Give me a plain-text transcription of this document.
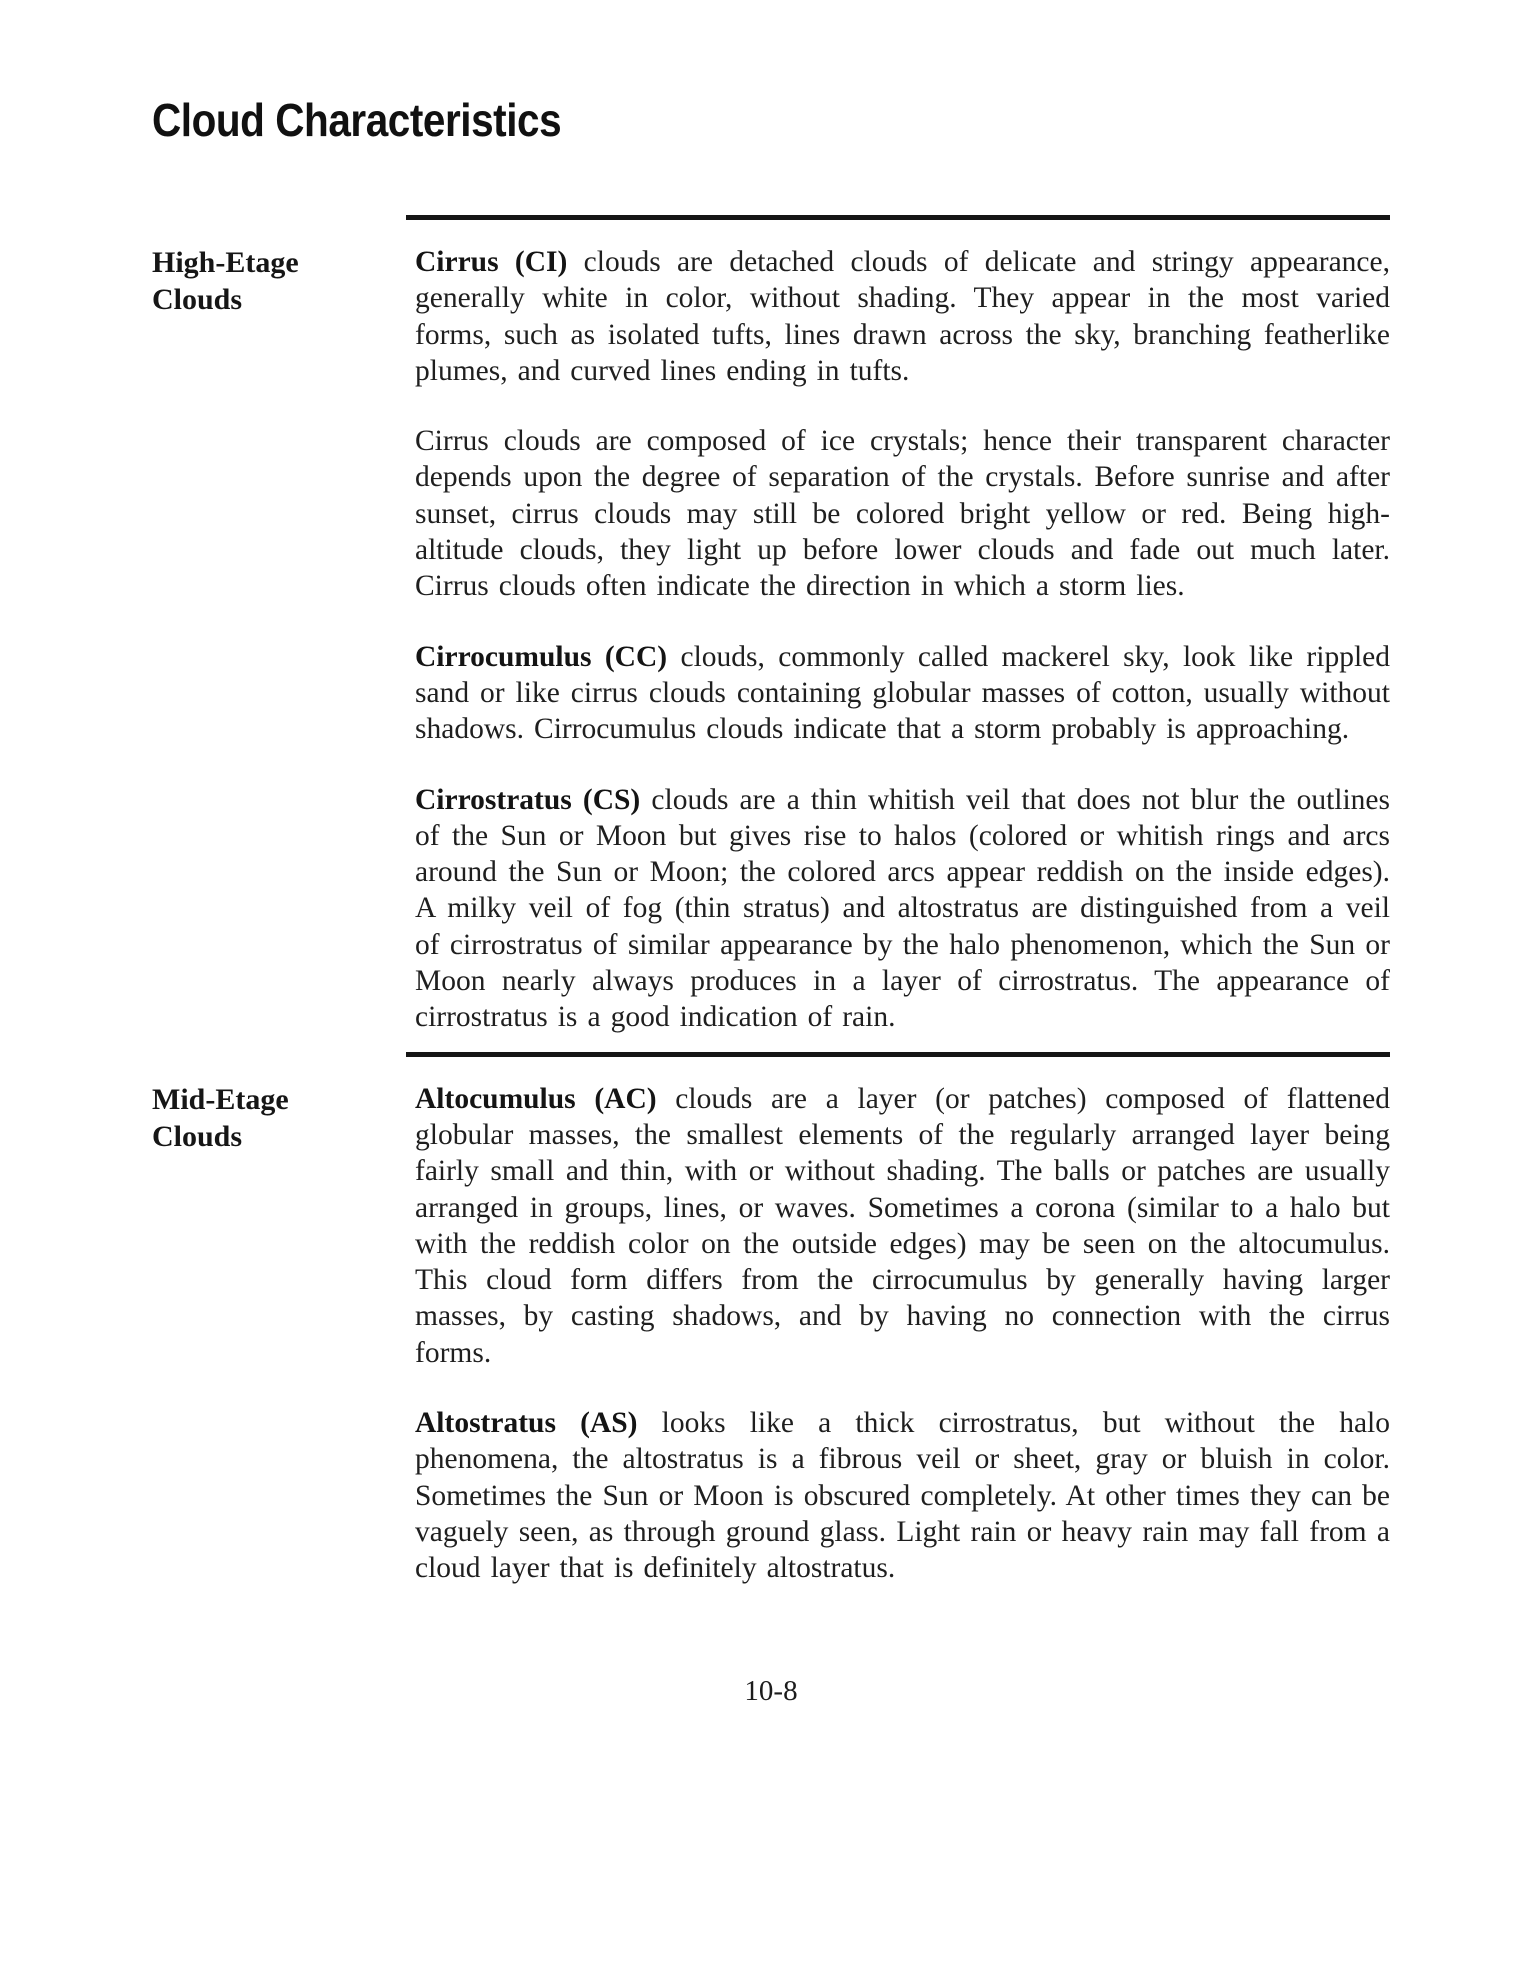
Cloud Characteristics
High-Etage Clouds

Cirrus (CI) clouds are detached clouds of delicate and stringy appearance, generally white in color, without shading. They appear in the most varied forms, such as isolated tufts, lines drawn across the sky, branching featherlike plumes, and curved lines ending in tufts.

Cirrus clouds are composed of ice crystals; hence their transparent character depends upon the degree of separation of the crystals. Before sunrise and after sunset, cirrus clouds may still be colored bright yellow or red. Being high-altitude clouds, they light up before lower clouds and fade out much later. Cirrus clouds often indicate the direction in which a storm lies.

Cirrocumulus (CC) clouds, commonly called mackerel sky, look like rippled sand or like cirrus clouds containing globular masses of cotton, usually without shadows. Cirrocumulus clouds indicate that a storm probably is approaching.

Cirrostratus (CS) clouds are a thin whitish veil that does not blur the outlines of the Sun or Moon but gives rise to halos (colored or whitish rings and arcs around the Sun or Moon; the colored arcs appear reddish on the inside edges). A milky veil of fog (thin stratus) and altostratus are distinguished from a veil of cirrostratus of similar appearance by the halo phenomenon, which the Sun or Moon nearly always produces in a layer of cirrostratus. The appearance of cirrostratus is a good indication of rain.

Mid-Etage Clouds

Altocumulus (AC) clouds are a layer (or patches) composed of flattened globular masses, the smallest elements of the regularly arranged layer being fairly small and thin, with or without shading. The balls or patches are usually arranged in groups, lines, or waves. Sometimes a corona (similar to a halo but with the reddish color on the outside edges) may be seen on the altocumulus. This cloud form differs from the cirrocumulus by generally having larger masses, by casting shadows, and by having no connection with the cirrus forms.

Altostratus (AS) looks like a thick cirrostratus, but without the halo phenomena, the altostratus is a fibrous veil or sheet, gray or bluish in color. Sometimes the Sun or Moon is obscured completely. At other times they can be vaguely seen, as through ground glass. Light rain or heavy rain may fall from a cloud layer that is definitely altostratus.

10-8
